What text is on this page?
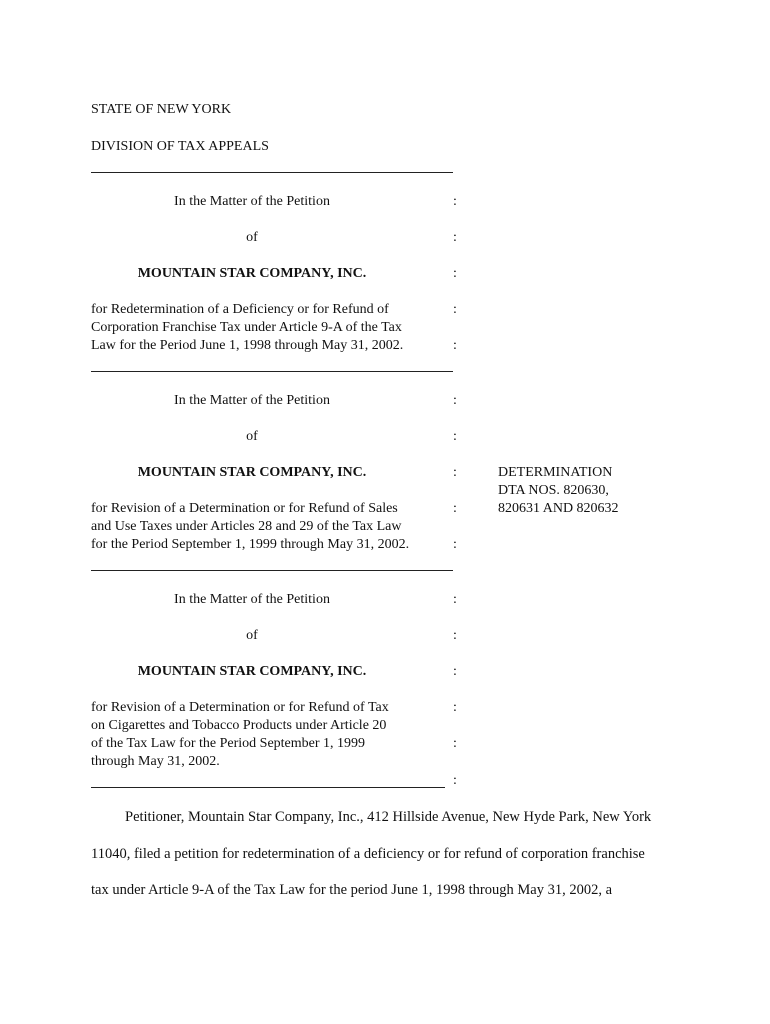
STATE OF NEW YORK
DIVISION OF TAX APPEALS
In the Matter of the Petition	:
of	:
MOUNTAIN STAR COMPANY, INC.	:
for Redetermination of a Deficiency or for Refund of	:
Corporation Franchise Tax under Article 9-A of the Tax
Law for the Period June 1, 1998 through May 31, 2002.	:
In the Matter of the Petition	:
of	:
MOUNTAIN STAR COMPANY, INC.	:
for Revision of a Determination or for Refund of Sales	:
and Use Taxes under Articles 28 and 29 of the Tax Law
for the Period September 1, 1999 through May 31, 2002.	:
DETERMINATION
DTA NOS. 820630,
820631 AND 820632
In the Matter of the Petition	:
of	:
MOUNTAIN STAR COMPANY, INC.	:
for Revision of a Determination or for Refund of Tax	:
on Cigarettes and Tobacco Products under Article 20
of the Tax Law for the Period September 1, 1999	:
through May 31, 2002.
:
Petitioner, Mountain Star Company, Inc., 412 Hillside Avenue, New Hyde Park, New York
11040, filed a petition for redetermination of a deficiency or for refund of corporation franchise
tax under Article 9-A of the Tax Law for the period June 1, 1998 through May 31, 2002, a
